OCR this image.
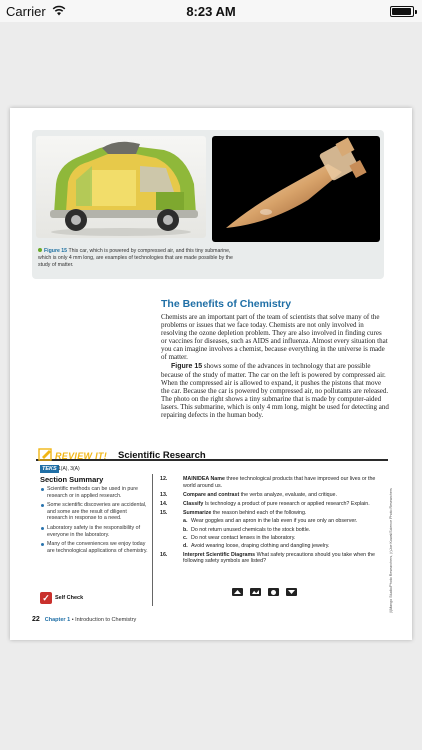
Carrier	8:23 AM
Figure 15 This car, which is powered by compressed air, and this tiny submarine, which is only 4 mm long, are examples of technologies that are made possible by the study of matter.
The Benefits of Chemistry

Chemists are an important part of the team of scientists that solve many of the problems or issues that we face today. Chemists are not only involved in resolving the ozone depletion problem. They are also involved in finding cures or vaccines for diseases, such as AIDS and influenza. Almost every situation that you can imagine involves a chemist, because everything in the universe is made of matter.

Figure 15 shows some of the advances in technology that are possible because of the study of matter. The car on the left is powered by compressed air. When the compressed air is allowed to expand, it pushes the pistons that move the car. Because the car is powered by compressed air, no pollutants are released. The photo on the right shows a tiny submarine that is made by computer-aided lasers. This submarine, which is only 4 mm long, might be used for detecting and repairing defects in the human body.

REVIEW IT! Scientific Research
TEKS 1(A), 3(A)
Section Summary
Scientific methods can be used in pure research or in applied research.
Some scientific discoveries are accidental, and some are the result of diligent research in response to a need.
Laboratory safety is the responsibility of everyone in the laboratory.
Many of the conveniences we enjoy today are technological applications of chemistry.
✓ Self Check
12.	MAINIDEA Name three technological products that have improved our lives or the world around us.
13.	Compare and contrast the verbs analyze, evaluate, and critique.
14.	Classify Is technology a product of pure research or applied research? Explain.
15.	Summarize the reason behind each of the following.
a. Wear goggles and an apron in the lab even if you are only an observer.
b. Do not return unused chemicals to the stock bottle.
c. Do not wear contact lenses in the laboratory.
d. Avoid wearing loose, draping clothing and dangling jewelry.
16.	Interpret Scientific Diagrams What safety precautions should you take when the following safety symbols are listed?
22 Chapter 1 • Introduction to Chemistry
(l)Mango Studio/Photo Researchers, (r)Joe Kowal/Science Photo Researchers
